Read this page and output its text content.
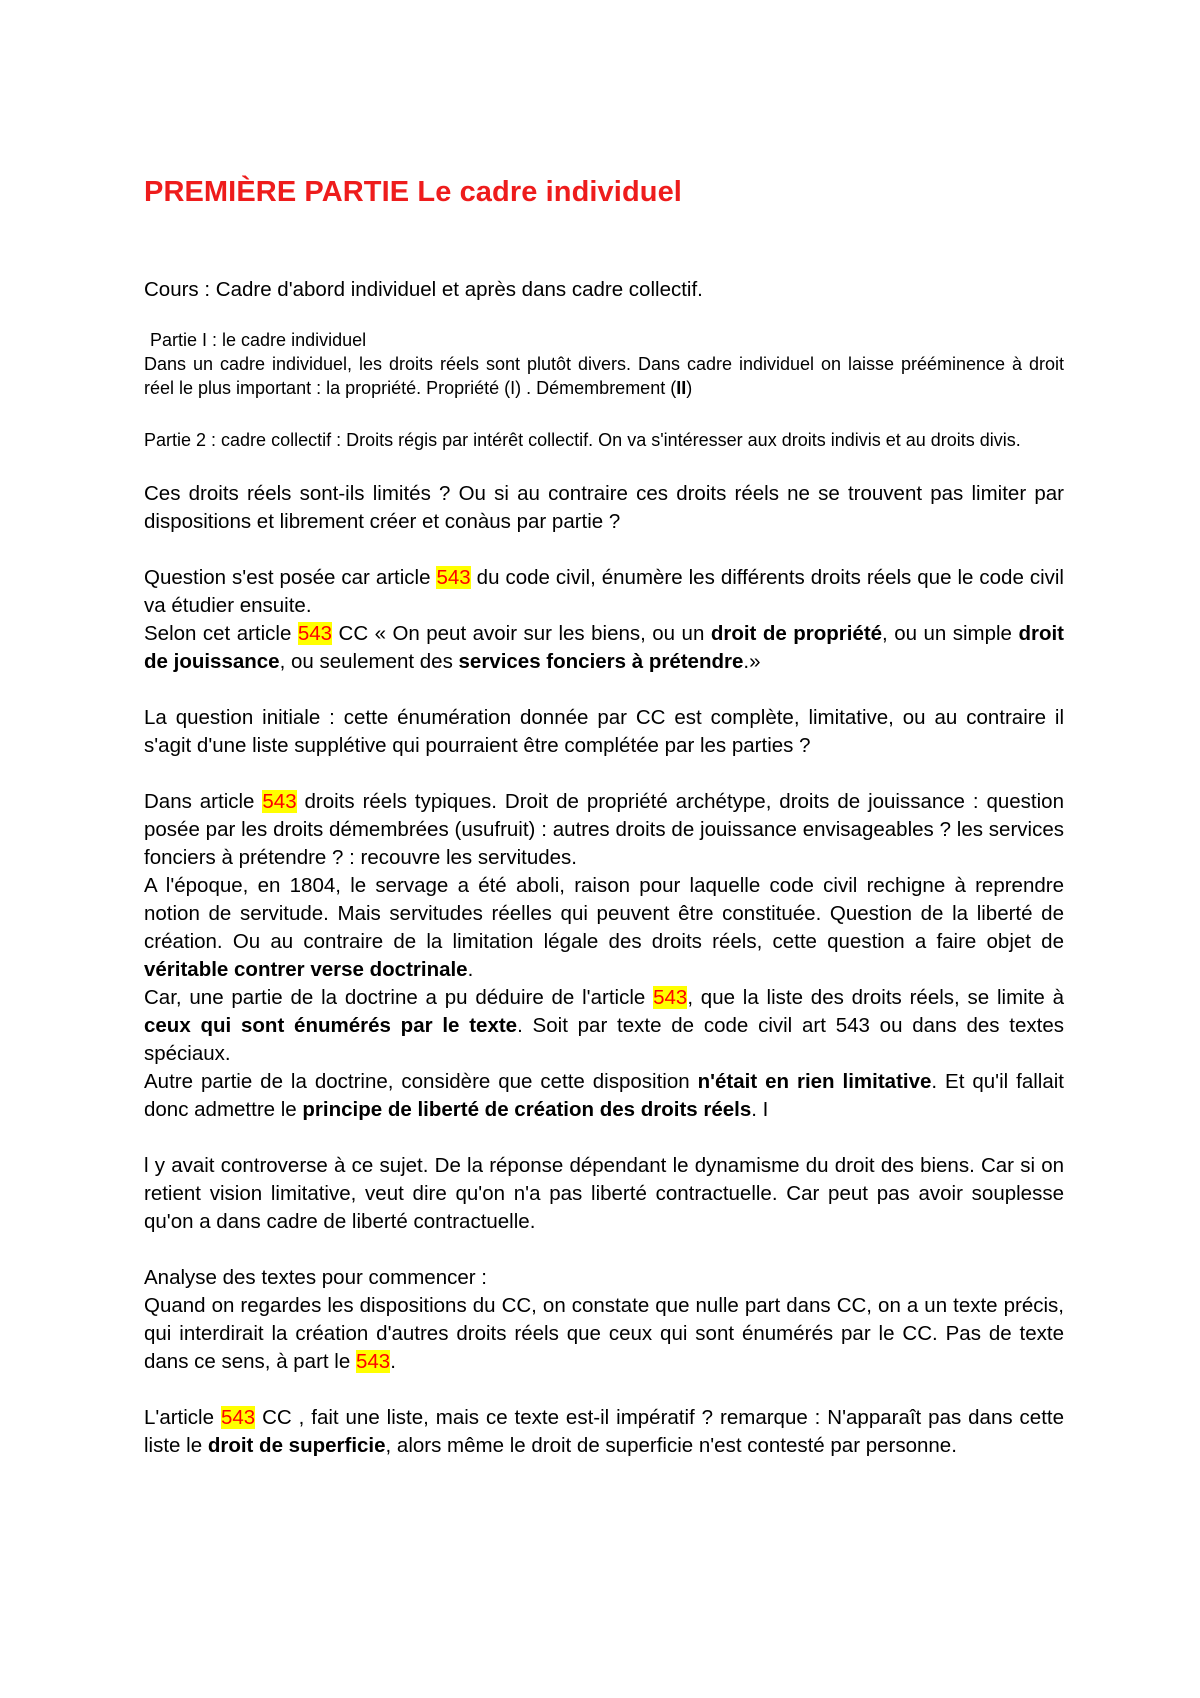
PREMIÈRE PARTIE Le cadre individuel

Cours : Cadre d'abord individuel et après dans cadre collectif.

Partie I : le cadre individuel
Dans un cadre individuel, les droits réels sont plutôt divers. Dans cadre individuel on laisse prééminence à droit réel le plus important : la propriété. Propriété (I) . Démembrement (II)

Partie 2 : cadre collectif : Droits régis par intérêt collectif. On va s'intéresser aux droits indivis et au droits divis.

Ces droits réels sont-ils limités ? Ou si au contraire ces droits réels ne se trouvent pas limiter par dispositions et librement créer et conàus par partie ?

Question s'est posée car article 543 du code civil, énumère les différents droits réels que le code civil va étudier ensuite.
Selon cet article 543 CC « On peut avoir sur les biens, ou un droit de propriété, ou un simple droit de jouissance, ou seulement des services fonciers à prétendre.»

La question initiale : cette énumération donnée par CC est complète, limitative, ou au contraire il s'agit d'une liste supplétive qui pourraient être complétée par les parties ?

Dans article 543 droits réels typiques. Droit de propriété archétype, droits de jouissance : question posée par les droits démembrées (usufruit) : autres droits de jouissance envisageables ? les services fonciers à prétendre ? : recouvre les servitudes.
A l'époque, en 1804, le servage a été aboli, raison pour laquelle code civil rechigne à reprendre notion de servitude. Mais servitudes réelles qui peuvent être constituée. Question de la liberté de création. Ou au contraire de la limitation légale des droits réels, cette question a faire objet de véritable contrer verse doctrinale.
Car, une partie de la doctrine a pu déduire de l'article 543, que la liste des droits réels, se limite à ceux qui sont énumérés par le texte. Soit par texte de code civil art 543 ou dans des textes spéciaux.
Autre partie de la doctrine, considère que cette disposition n'était en rien limitative. Et qu'il fallait donc admettre le principe de liberté de création des droits réels. I

l y avait controverse à ce sujet. De la réponse dépendant le dynamisme du droit des biens. Car si on retient vision limitative, veut dire qu'on n'a pas liberté contractuelle. Car peut pas avoir souplesse qu'on a dans cadre de liberté contractuelle.

Analyse des textes pour commencer :
Quand on regardes les dispositions du CC, on constate que nulle part dans CC, on a un texte précis, qui interdirait la création d'autres droits réels que ceux qui sont énumérés par le CC. Pas de texte dans ce sens, à part le 543.

L'article 543 CC , fait une liste, mais ce texte est-il impératif ? remarque : N'apparaît pas dans cette liste le droit de superficie, alors même le droit de superficie n'est contesté par personne.
